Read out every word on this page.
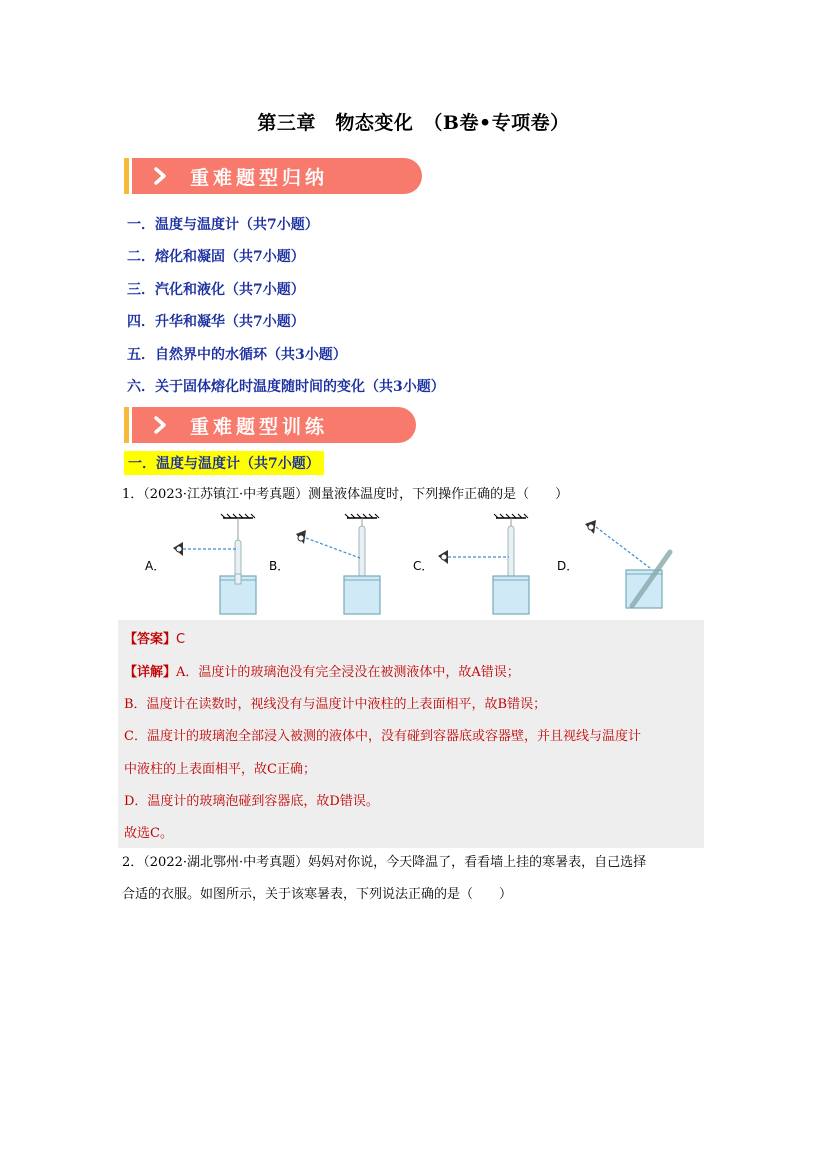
第三章　物态变化　（B卷•专项卷）
重难题型归纳
一．温度与温度计（共7小题）
二．熔化和凝固（共7小题）
三．汽化和液化（共7小题）
四．升华和凝华（共7小题）
五．自然界中的水循环（共3小题）
六．关于固体熔化时温度随时间的变化（共3小题）
重难题型训练
一．温度与温度计（共7小题）
1．（2023·江苏镇江·中考真题）测量液体温度时，下列操作正确的是（　　）
A．	B．	C．	D．
【答案】C
【详解】A．温度计的玻璃泡没有完全浸没在被测液体中，故A错误；
B．温度计在读数时，视线没有与温度计中液柱的上表面相平，故B错误；
C．温度计的玻璃泡全部浸入被测的液体中，没有碰到容器底或容器壁，并且视线与温度计
中液柱的上表面相平，故C正确；
D．温度计的玻璃泡碰到容器底，故D错误。
故选C。
2．（2022·湖北鄂州·中考真题）妈妈对你说，今天降温了，看看墙上挂的寒暑表，自己选择
合适的衣服。如图所示，关于该寒暑表，下列说法正确的是（　　）
